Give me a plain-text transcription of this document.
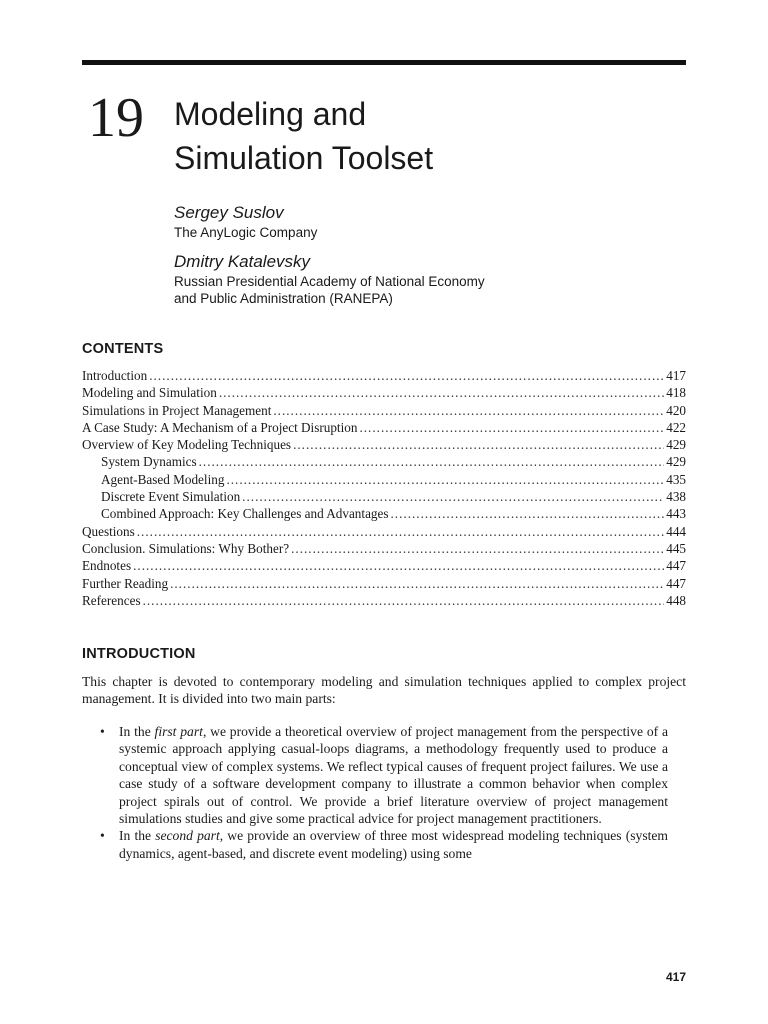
19 Modeling and
Simulation Toolset
Sergey Suslov
The AnyLogic Company
Dmitry Katalevsky
Russian Presidential Academy of National Economy
and Public Administration (RANEPA)
CONTENTS
Introduction .....	417
Modeling and Simulation .....	418
Simulations in Project Management .....	420
A Case Study: A Mechanism of a Project Disruption .....	422
Overview of Key Modeling Techniques .....	429
System Dynamics .....	429
Agent-Based Modeling .....	435
Discrete Event Simulation .....	438
Combined Approach: Key Challenges and Advantages .....	443
Questions .....	444
Conclusion. Simulations: Why Bother? .....	445
Endnotes .....	447
Further Reading .....	447
References .....	448
INTRODUCTION

This chapter is devoted to contemporary modeling and simulation techniques applied to complex project management. It is divided into two main parts:

• In the first part, we provide a theoretical overview of project management from the perspective of a systemic approach applying casual-loops diagrams, a methodology frequently used to produce a conceptual view of complex systems. We reflect typical causes of frequent project failures. We use a case study of a software development company to illustrate a common behavior when complex project spirals out of control. We provide a brief literature overview of project management simulations studies and give some practical advice for project management practitioners.
• In the second part, we provide an overview of three most widespread modeling techniques (system dynamics, agent-based, and discrete event modeling) using some
417
